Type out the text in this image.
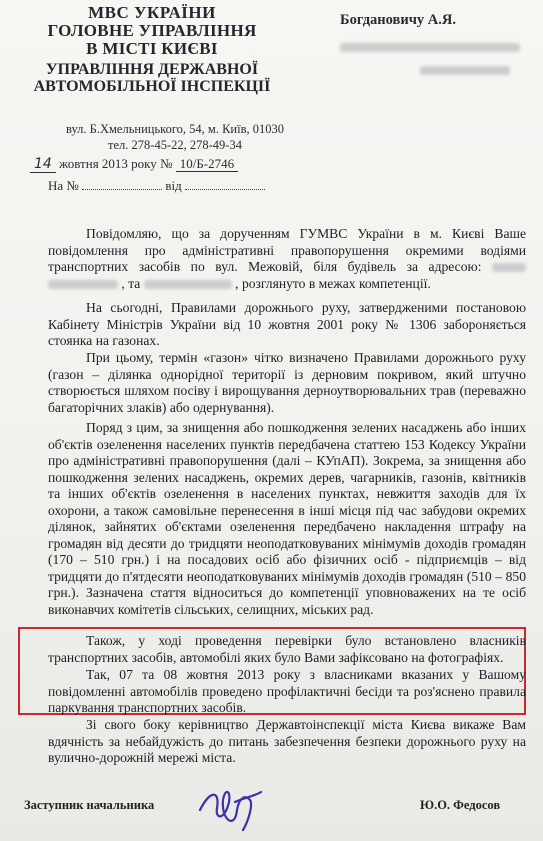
МВС УКРАЇНИ
ГОЛОВНЕ УПРАВЛІННЯ
В МІСТІ КИЄВІ
УПРАВЛІННЯ ДЕРЖАВНОЇ
АВТОМОБІЛЬНОЇ ІНСПЕКЦІЇ
вул. Б.Хмельницького, 54, м. Київ, 01030
тел. 278-45-22, 278-49-34
14 жовтня 2013 року № 10/Б-2746
На №	від
Богдановичу А.Я.

Повідомляю, що за дорученням ГУМВС України в м. Києві Ваше повідомлення про адміністративні правопорушення окремими водіями транспортних засобів по вул. Межовій, біля будівель за адресою:   , та	, розглянуто в межах компетенції.

На сьогодні, Правилами дорожнього руху, затвердженими постановою Кабінету Міністрів України від 10 жовтня 2001 року № 1306 забороняється стоянка на газонах.

При цьому, термін «газон» чітко визначено Правилами дорожнього руху (газон – ділянка однорідної території із дерновим покривом, який штучно створюється шляхом посіву і вирощування дерноутворювальних трав (переважно багаторічних злаків) або одернування).

Поряд з цим, за знищення або пошкодження зелених насаджень або інших об'єктів озеленення населених пунктів передбачена статтею 153 Кодексу України про адміністративні правопорушення (далі – КУпАП). Зокрема, за знищення або пошкодження зелених насаджень, окремих дерев, чагарників, газонів, квітників та інших об'єктів озеленення в населених пунктах, невжиття заходів для їх охорони, а також самовільне перенесення в інші місця під час забудови окремих ділянок, зайнятих об'єктами озеленення передбачено накладення штрафу на громадян від десяти до тридцяти неоподатковуваних мінімумів доходів громадян (170 – 510 грн.) і на посадових осіб або фізичних осіб - підприємців – від тридцяти до п'ятдесяти неоподатковуваних мінімумів доходів громадян (510 – 850 грн.). Зазначена стаття відноситься до компетенції уповноважених на те осіб виконавчих комітетів сільських, селищних, міських рад.

Також, у ході проведення перевірки було встановлено власників транспортних засобів, автомобілі яких було Вами зафіксовано на фотографіях.

Так, 07 та 08 жовтня 2013 року з власниками вказаних у Вашому повідомленні автомобілів проведено профілактичні бесіди та роз'яснено правила паркування транспортних засобів.

Зі свого боку керівництво Державтоінспекції міста Києва викаже Вам вдячність за небайдужість до питань забезпечення безпеки дорожнього руху на вулично-дорожній мережі міста.

Заступник начальника	Ю.О. Федосов
